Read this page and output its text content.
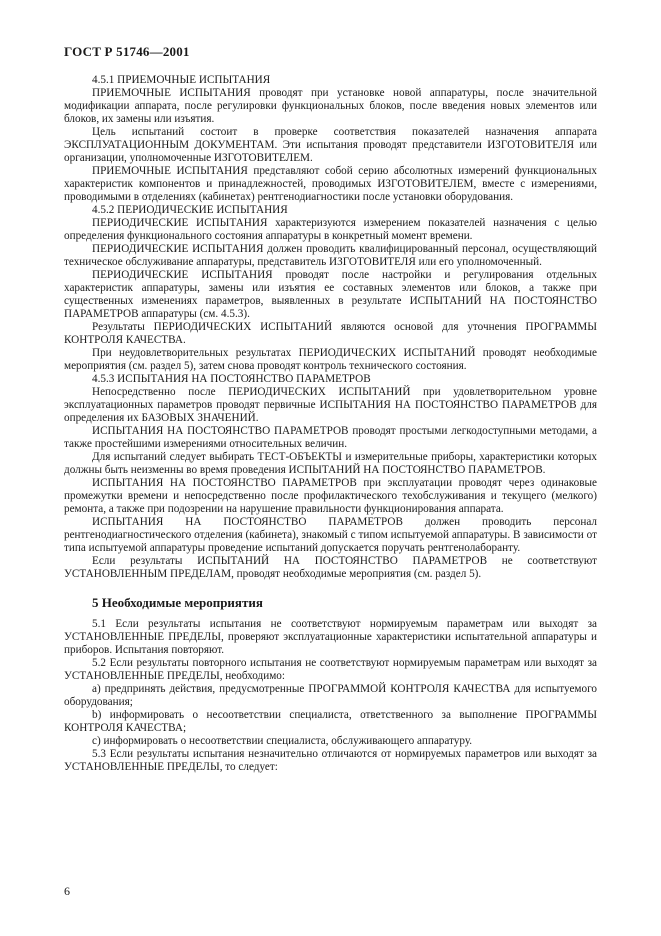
ГОСТ Р 51746—2001

4.5.1 ПРИЕМОЧНЫЕ ИСПЫТАНИЯ

ПРИЕМОЧНЫЕ ИСПЫТАНИЯ проводят при установке новой аппаратуры, после значительной модификации аппарата, после регулировки функциональных блоков, после введения новых элементов или блоков, их замены или изъятия.

Цель испытаний состоит в проверке соответствия показателей назначения аппарата ЭКСПЛУАТАЦИОННЫМ ДОКУМЕНТАМ. Эти испытания проводят представители ИЗГОТОВИТЕЛЯ или организации, уполномоченные ИЗГОТОВИТЕЛЕМ.

ПРИЕМОЧНЫЕ ИСПЫТАНИЯ представляют собой серию абсолютных измерений функциональных характеристик компонентов и принадлежностей, проводимых ИЗГОТОВИТЕЛЕМ, вместе с измерениями, проводимыми в отделениях (кабинетах) рентгенодиагностики после установки оборудования.

4.5.2 ПЕРИОДИЧЕСКИЕ ИСПЫТАНИЯ

ПЕРИОДИЧЕСКИЕ ИСПЫТАНИЯ характеризуются измерением показателей назначения с целью определения функционального состояния аппаратуры в конкретный момент времени.

ПЕРИОДИЧЕСКИЕ ИСПЫТАНИЯ должен проводить квалифицированный персонал, осуществляющий техническое обслуживание аппаратуры, представитель ИЗГОТОВИТЕЛЯ или его уполномоченный.

ПЕРИОДИЧЕСКИЕ ИСПЫТАНИЯ проводят после настройки и регулирования отдельных характеристик аппаратуры, замены или изъятия ее составных элементов или блоков, а также при существенных изменениях параметров, выявленных в результате ИСПЫТАНИЙ НА ПОСТОЯНСТВО ПАРАМЕТРОВ аппаратуры (см. 4.5.3).

Результаты ПЕРИОДИЧЕСКИХ ИСПЫТАНИЙ являются основой для уточнения ПРОГРАММЫ КОНТРОЛЯ КАЧЕСТВА.

При неудовлетворительных результатах ПЕРИОДИЧЕСКИХ ИСПЫТАНИЙ проводят необходимые мероприятия (см. раздел 5), затем снова проводят контроль технического состояния.

4.5.3 ИСПЫТАНИЯ НА ПОСТОЯНСТВО ПАРАМЕТРОВ

Непосредственно после ПЕРИОДИЧЕСКИХ ИСПЫТАНИЙ при удовлетворительном уровне эксплуатационных параметров проводят первичные ИСПЫТАНИЯ НА ПОСТОЯНСТВО ПАРАМЕТРОВ для определения их БАЗОВЫХ ЗНАЧЕНИЙ.

ИСПЫТАНИЯ НА ПОСТОЯНСТВО ПАРАМЕТРОВ проводят простыми легкодоступными методами, а также простейшими измерениями относительных величин.

Для испытаний следует выбирать ТЕСТ-ОБЪЕКТЫ и измерительные приборы, характеристики которых должны быть неизменны во время проведения ИСПЫТАНИЙ НА ПОСТОЯНСТВО ПАРАМЕТРОВ.

ИСПЫТАНИЯ НА ПОСТОЯНСТВО ПАРАМЕТРОВ при эксплуатации проводят через одинаковые промежутки времени и непосредственно после профилактического техобслуживания и текущего (мелкого) ремонта, а также при подозрении на нарушение правильности функционирования аппарата.

ИСПЫТАНИЯ НА ПОСТОЯНСТВО ПАРАМЕТРОВ должен проводить персонал рентгенодиагностического отделения (кабинета), знакомый с типом испытуемой аппаратуры. В зависимости от типа испытуемой аппаратуры проведение испытаний допускается поручать рентгенолаборанту.

Если результаты ИСПЫТАНИЙ НА ПОСТОЯНСТВО ПАРАМЕТРОВ не соответствуют УСТАНОВЛЕННЫМ ПРЕДЕЛАМ, проводят необходимые мероприятия (см. раздел 5).

5 Необходимые мероприятия

5.1 Если результаты испытания не соответствуют нормируемым параметрам или выходят за УСТАНОВЛЕННЫЕ ПРЕДЕЛЫ, проверяют эксплуатационные характеристики испытательной аппаратуры и приборов. Испытания повторяют.

5.2 Если результаты повторного испытания не соответствуют нормируемым параметрам или выходят за УСТАНОВЛЕННЫЕ ПРЕДЕЛЫ, необходимо:

а) предпринять действия, предусмотренные ПРОГРАММОЙ КОНТРОЛЯ КАЧЕСТВА для испытуемого оборудования;

b) информировать о несоответствии специалиста, ответственного за выполнение ПРОГРАММЫ КОНТРОЛЯ КАЧЕСТВА;

c) информировать о несоответствии специалиста, обслуживающего аппаратуру.

5.3 Если результаты испытания незначительно отличаются от нормируемых параметров или выходят за УСТАНОВЛЕННЫЕ ПРЕДЕЛЫ, то следует:

6
